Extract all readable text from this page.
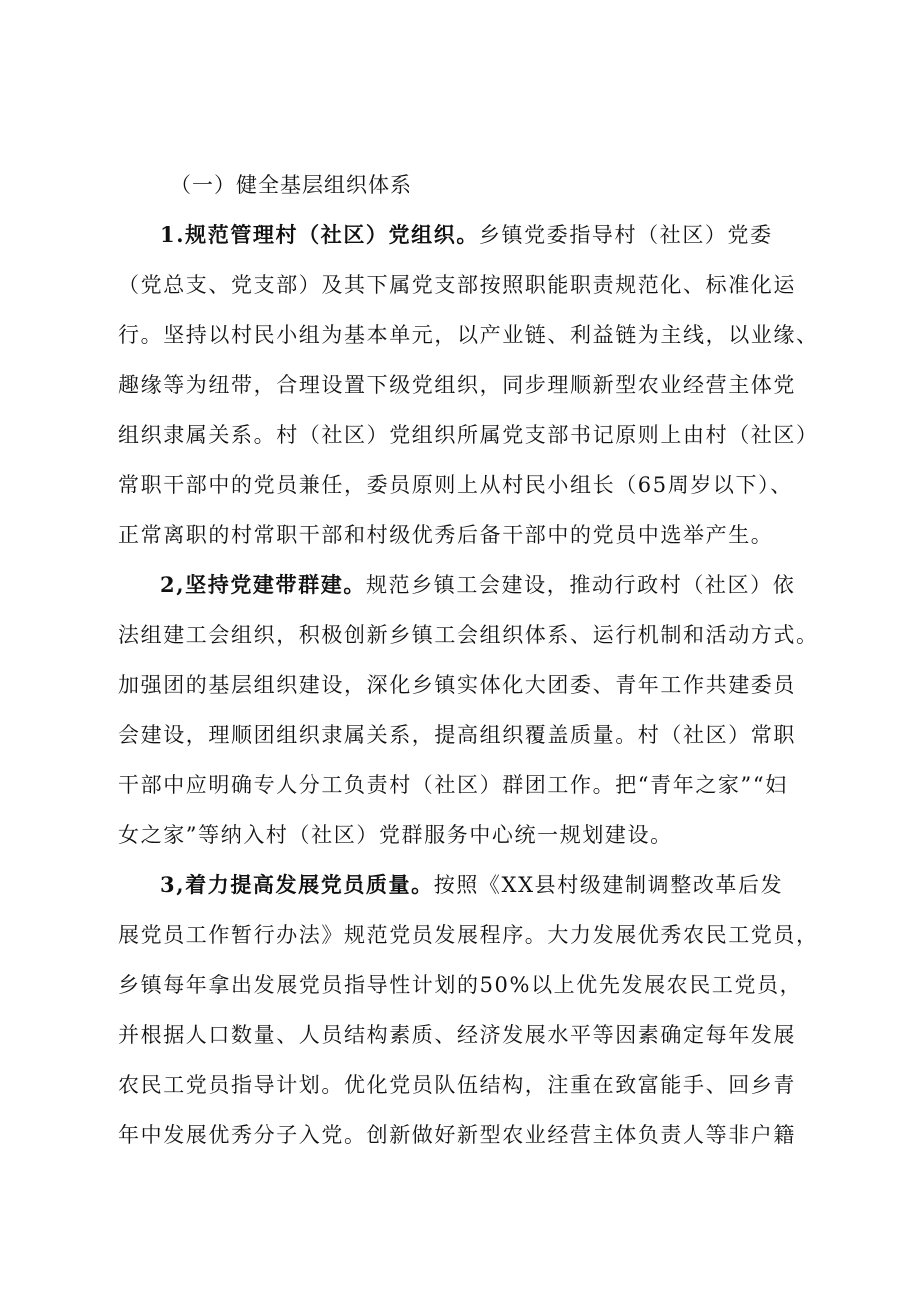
（一）健全基层组织体系
1.规范管理村（社区）党组织。乡镇党委指导村（社区）党委
（党总支、党支部）及其下属党支部按照职能职责规范化、标准化运
行。坚持以村民小组为基本单元，以产业链、利益链为主线，以业缘、
趣缘等为纽带，合理设置下级党组织，同步理顺新型农业经营主体党
组织隶属关系。村（社区）党组织所属党支部书记原则上由村（社区）
常职干部中的党员兼任，委员原则上从村民小组长（65周岁以下）、
正常离职的村常职干部和村级优秀后备干部中的党员中选举产生。
2,坚持党建带群建。规范乡镇工会建设，推动行政村（社区）依
法组建工会组织，积极创新乡镇工会组织体系、运行机制和活动方式。
加强团的基层组织建设，深化乡镇实体化大团委、青年工作共建委员
会建设，理顺团组织隶属关系，提高组织覆盖质量。村（社区）常职
干部中应明确专人分工负责村（社区）群团工作。把“青年之家”“妇
女之家”等纳入村（社区）党群服务中心统一规划建设。
3,着力提高发展党员质量。按照《XX县村级建制调整改革后发
展党员工作暂行办法》规范党员发展程序。大力发展优秀农民工党员，
乡镇每年拿出发展党员指导性计划的50%以上优先发展农民工党员，
并根据人口数量、人员结构素质、经济发展水平等因素确定每年发展
农民工党员指导计划。优化党员队伍结构，注重在致富能手、回乡青
年中发展优秀分子入党。创新做好新型农业经营主体负责人等非户籍
